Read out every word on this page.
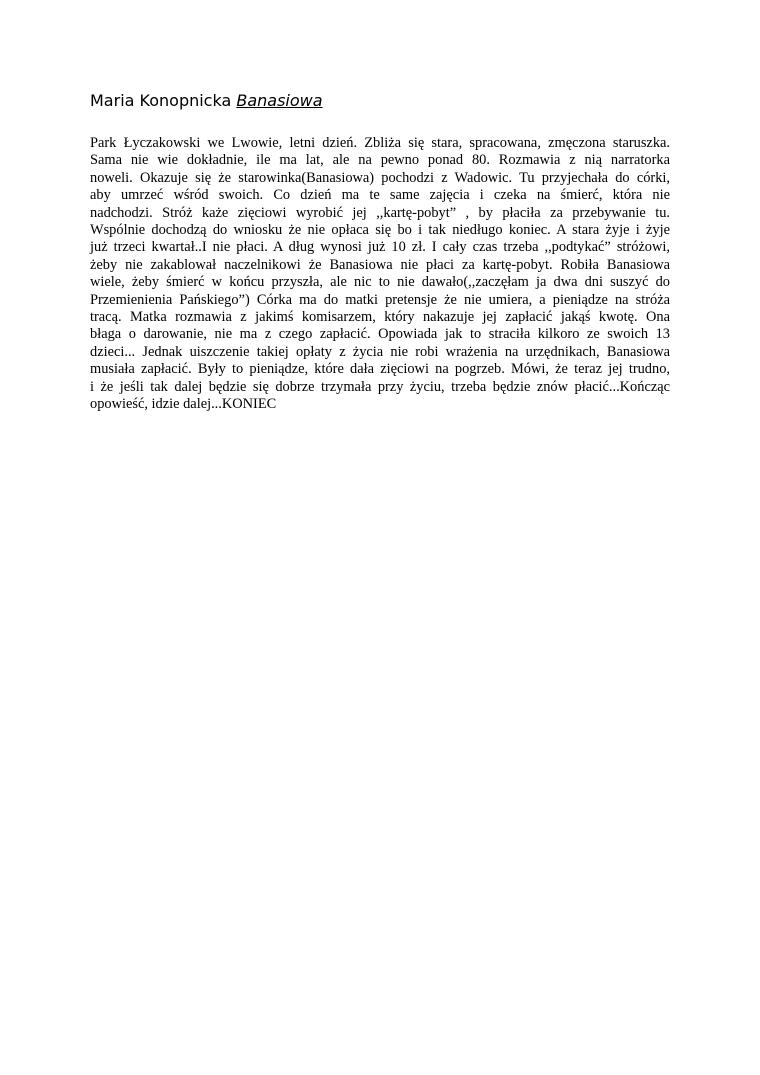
Maria Konopnicka Banasiowa
Park Łyczakowski we Lwowie, letni dzień. Zbliża się stara, spracowana, zmęczona staruszka.
Sama nie wie dokładnie, ile ma lat, ale na pewno ponad 80. Rozmawia z nią narratorka
noweli. Okazuje się że starowinka(Banasiowa) pochodzi z Wadowic. Tu przyjechała do córki,
aby umrzeć wśród swoich. Co dzień ma te same zajęcia i czeka na śmierć, która nie
nadchodzi. Stróż każe zięciowi wyrobić jej ,,kartę-pobyt” , by płaciła za przebywanie tu.
Wspólnie dochodzą do wniosku że nie opłaca się bo i tak niedługo koniec. A stara żyje i żyje
już trzeci kwartał..I nie płaci. A dług wynosi już 10 zł. I cały czas trzeba ,,podtykać” stróżowi,
żeby nie zakablował naczelnikowi że Banasiowa nie płaci za kartę-pobyt. Robiła Banasiowa
wiele, żeby śmierć w końcu przyszła, ale nic to nie dawało(,,zaczęłam ja dwa dni suszyć do
Przemienienia Pańskiego”) Córka ma do matki pretensje że nie umiera, a pieniądze na stróża
tracą. Matka rozmawia z jakimś komisarzem, który nakazuje jej zapłacić jakąś kwotę. Ona
błaga o darowanie, nie ma z czego zapłacić. Opowiada jak to straciła kilkoro ze swoich 13
dzieci... Jednak uiszczenie takiej opłaty z życia nie robi wrażenia na urzędnikach, Banasiowa
musiała zapłacić. Były to pieniądze, które dała zięciowi na pogrzeb. Mówi, że teraz jej trudno,
i że jeśli tak dalej będzie się dobrze trzymała przy życiu, trzeba będzie znów płacić...Kończąc
opowieść, idzie dalej...KONIEC
